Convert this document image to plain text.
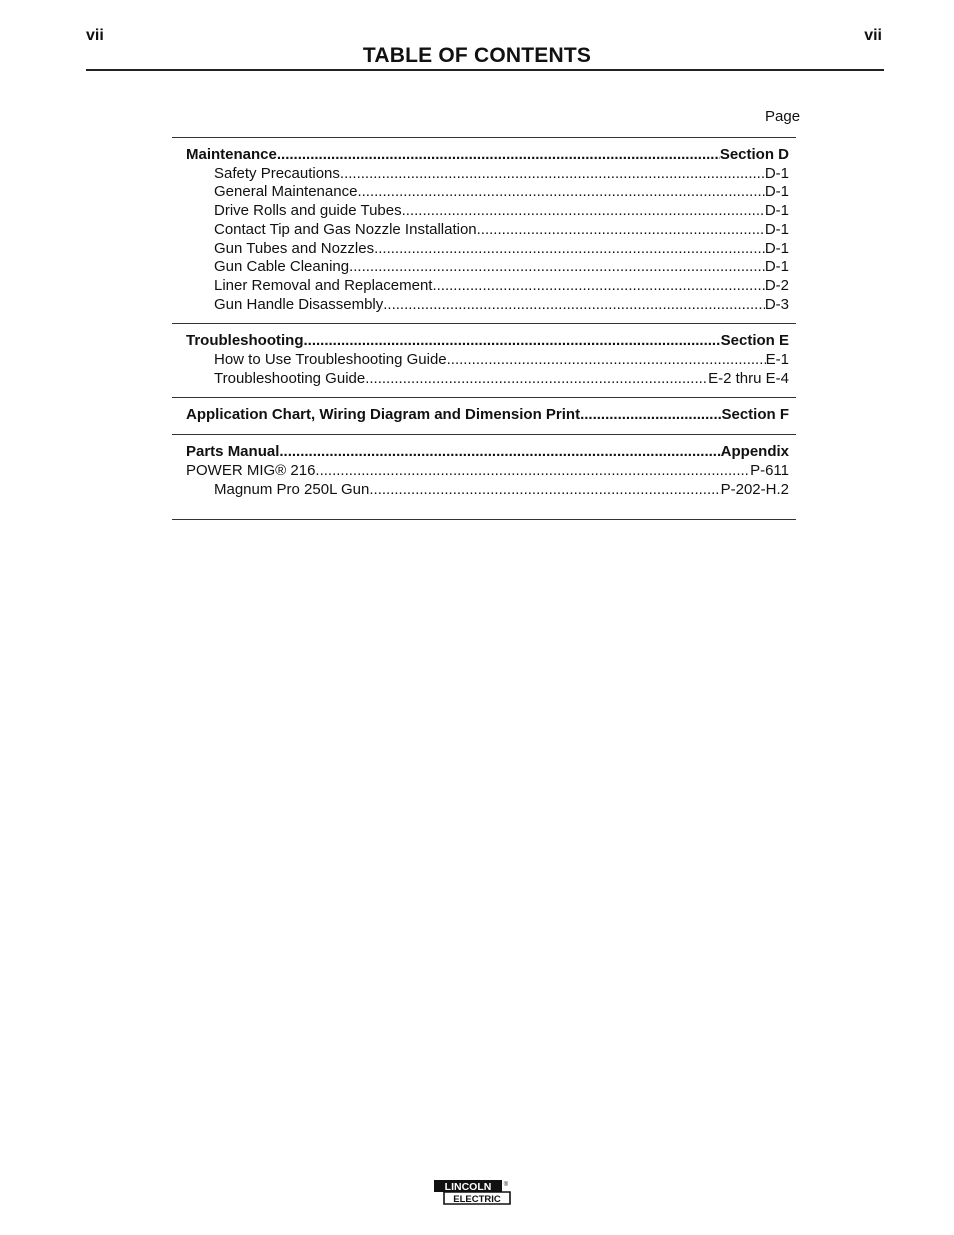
vii	vii
TABLE OF CONTENTS
Page
Maintenance .....	Section D
Safety Precautions .....	D-1
General Maintenance .....	D-1
Drive Rolls and guide Tubes .....	D-1
Contact Tip and Gas Nozzle Installation .....	D-1
Gun Tubes and Nozzles .....	D-1
Gun Cable Cleaning .....	D-1
Liner Removal and Replacement .....	D-2
Gun Handle Disassembly .....	D-3
Troubleshooting .....	Section E
How to Use Troubleshooting Guide .....	E-1
Troubleshooting Guide .....	E-2 thru E-4
Application Chart, Wiring Diagram and Dimension Print .....	Section F
Parts Manual .....	Appendix
POWER MIG® 216 .....	P-611
Magnum Pro 250L Gun .....	P-202-H.2
LINCOLN
ELECTRIC
®
